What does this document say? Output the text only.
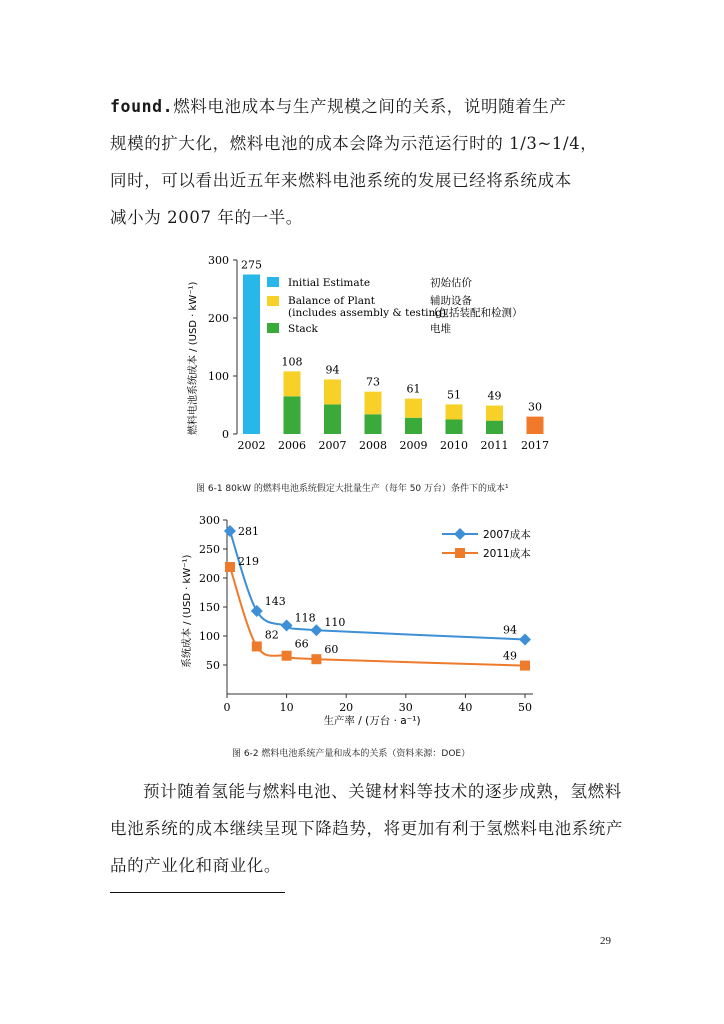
found.燃料电池成本与生产规模之间的关系，说明随着生产
规模的扩大化，燃料电池的成本会降为示范运行时的 1/3~1/4，
同时，可以看出近五年来燃料电池系统的发展已经将系统成本
减小为 2007 年的一半。

燃料电池系统成本 / (USD · kW⁻¹) 0
100
200
300 275
108
94
73
61 51 49
30
2002 2006 2007 2008 2009 2010 2011 2017
Initial Estimate	初始估价
Balance of Plant	辅助设备
(includes assembly & testing)
（包括装配和检测）
Stack	电堆
图 6-1 80kW 的燃料电池系统假定大批量生产（每年 50 万台）条件下的成本¹
系统成本 / (USD · kW⁻¹)
生产率 / (万台 · a⁻¹)
50
100
150
200
250
300
0	10	20	30	40	50
281
143
118 110
94
219
82
66 60	49
2007成本
2011成本
图 6-2 燃料电池系统产量和成本的关系（资料来源：DOE）

预计随着氢能与燃料电池、关键材料等技术的逐步成熟，氢燃料
电池系统的成本继续呈现下降趋势，将更加有利于氢燃料电池系统产
品的产业化和商业化。

29
